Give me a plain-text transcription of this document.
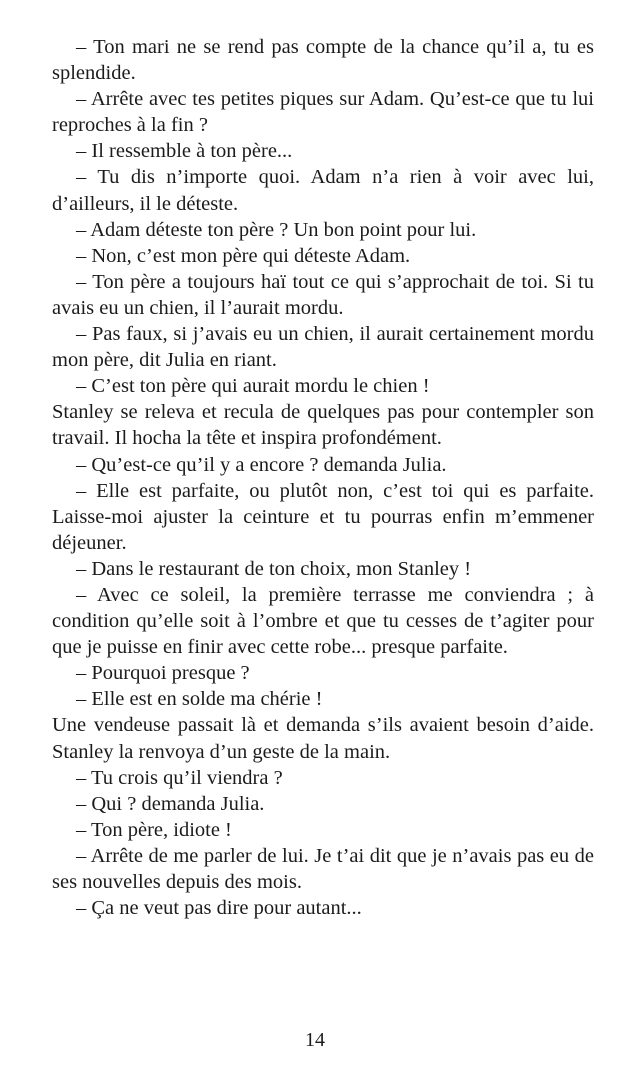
– Ton mari ne se rend pas compte de la chance qu’il a, tu es splendide.

– Arrête avec tes petites piques sur Adam. Qu’est-ce que tu lui reproches à la fin ?

– Il ressemble à ton père...

– Tu dis n’importe quoi. Adam n’a rien à voir avec lui, d’ailleurs, il le déteste.

– Adam déteste ton père ? Un bon point pour lui.

– Non, c’est mon père qui déteste Adam.

– Ton père a toujours haï tout ce qui s’approchait de toi. Si tu avais eu un chien, il l’aurait mordu.

– Pas faux, si j’avais eu un chien, il aurait certainement mordu mon père, dit Julia en riant.

– C’est ton père qui aurait mordu le chien !

Stanley se releva et recula de quelques pas pour contempler son travail. Il hocha la tête et inspira profondément.

– Qu’est-ce qu’il y a encore ? demanda Julia.

– Elle est parfaite, ou plutôt non, c’est toi qui es parfaite. Laisse-moi ajuster la ceinture et tu pourras enfin m’emmener déjeuner.

– Dans le restaurant de ton choix, mon Stanley !

– Avec ce soleil, la première terrasse me conviendra ; à condition qu’elle soit à l’ombre et que tu cesses de t’agiter pour que je puisse en finir avec cette robe... presque parfaite.

– Pourquoi presque ?

– Elle est en solde ma chérie !

Une vendeuse passait là et demanda s’ils avaient besoin d’aide. Stanley la renvoya d’un geste de la main.

– Tu crois qu’il viendra ?

– Qui ? demanda Julia.

– Ton père, idiote !

– Arrête de me parler de lui. Je t’ai dit que je n’avais pas eu de ses nouvelles depuis des mois.

– Ça ne veut pas dire pour autant...

14
